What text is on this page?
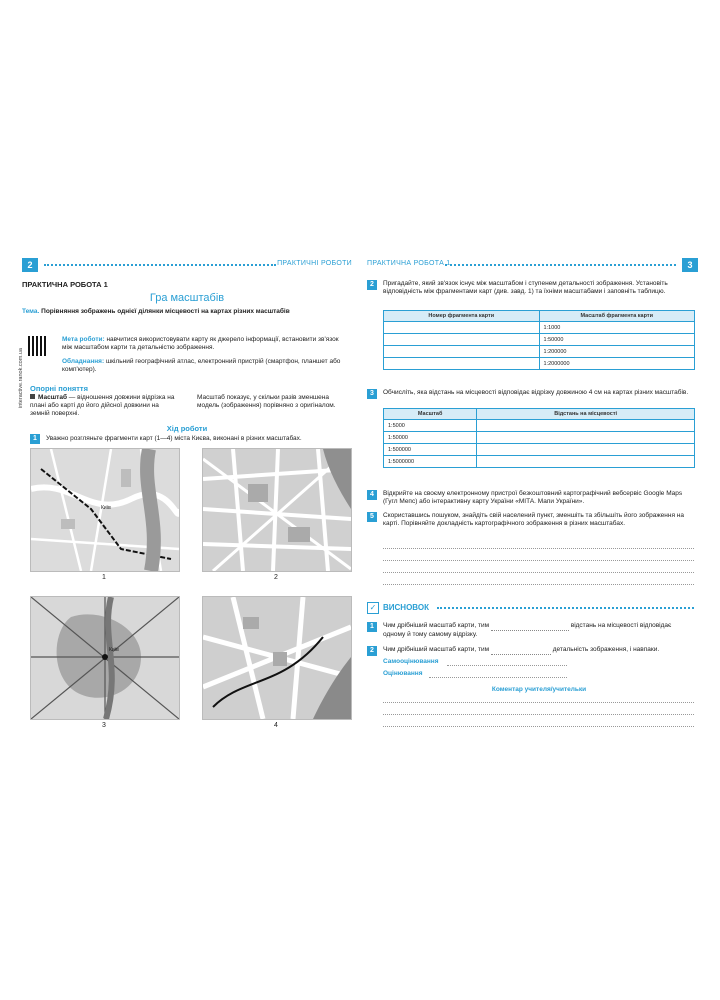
2	ПРАКТИЧНІ РОБОТИ
ПРАКТИЧНА РОБОТА 1
Гра масштабів
Тема. Порівняння зображень однієї ділянки місцевості на картах різних масштабів
interactive.ranok.com.ua
Мета роботи: навчитися використовувати карту як джерело інформації, встановити зв'язок між масштабом карти та детальністю зображення.
Обладнання: шкільний географічний атлас, електронний пристрій (смартфон, планшет або комп'ютер).
Опорні поняття
Масштаб — відношення довжини відрізка на плані або карті до його дійсної довжини на земній поверхні.
Масштаб показує, у скільки разів зменшена модель (зображення) порівняно з оригіналом.
Хід роботи
1	Уважно розгляньте фрагменти карт (1—4) міста Києва, виконані в різних масштабах.
Київ
1	2
Київ
3	4
ПРАКТИЧНА РОБОТА 1	3
2	Пригадайте, який зв'язок існує між масштабом і ступенем детальності зображення. Установіть відповідність між фрагментами карт (див. завд. 1) та їхніми масштабами і заповніть таблицю.
Номер фрагмента карти	Масштаб фрагмента карти
	1:1000
	1:50000
	1:200000
	1:2000000
3	Обчисліть, яка відстань на місцевості відповідає відрізку довжиною 4 см на картах різних масштабів.
Масштаб	Відстань на місцевості
1:5000	
1:50000	
1:500000	
1:5000000	
4	Відкрийте на своєму електронному пристрої безкоштовний картографічний вебсервіс Google Maps (Гугл Мепс) або інтерактивну карту України «МІТА. Мапи України».
5	Скориставшись пошуком, знайдіть свій населений пункт, зменшіть та збільшіть його зображення на карті. Порівняйте докладність картографічного зображення в різних масштабах.
✓ ВИСНОВОК
1	Чим дрібніший масштаб карти, тим	відстань на місцевості відповідає одному й тому самому відрізку.
2	Чим дрібніший масштаб карти, тим	детальність зображення, і навпаки.
Самооцінювання
Оцінювання
Коментар учителя/учительки
